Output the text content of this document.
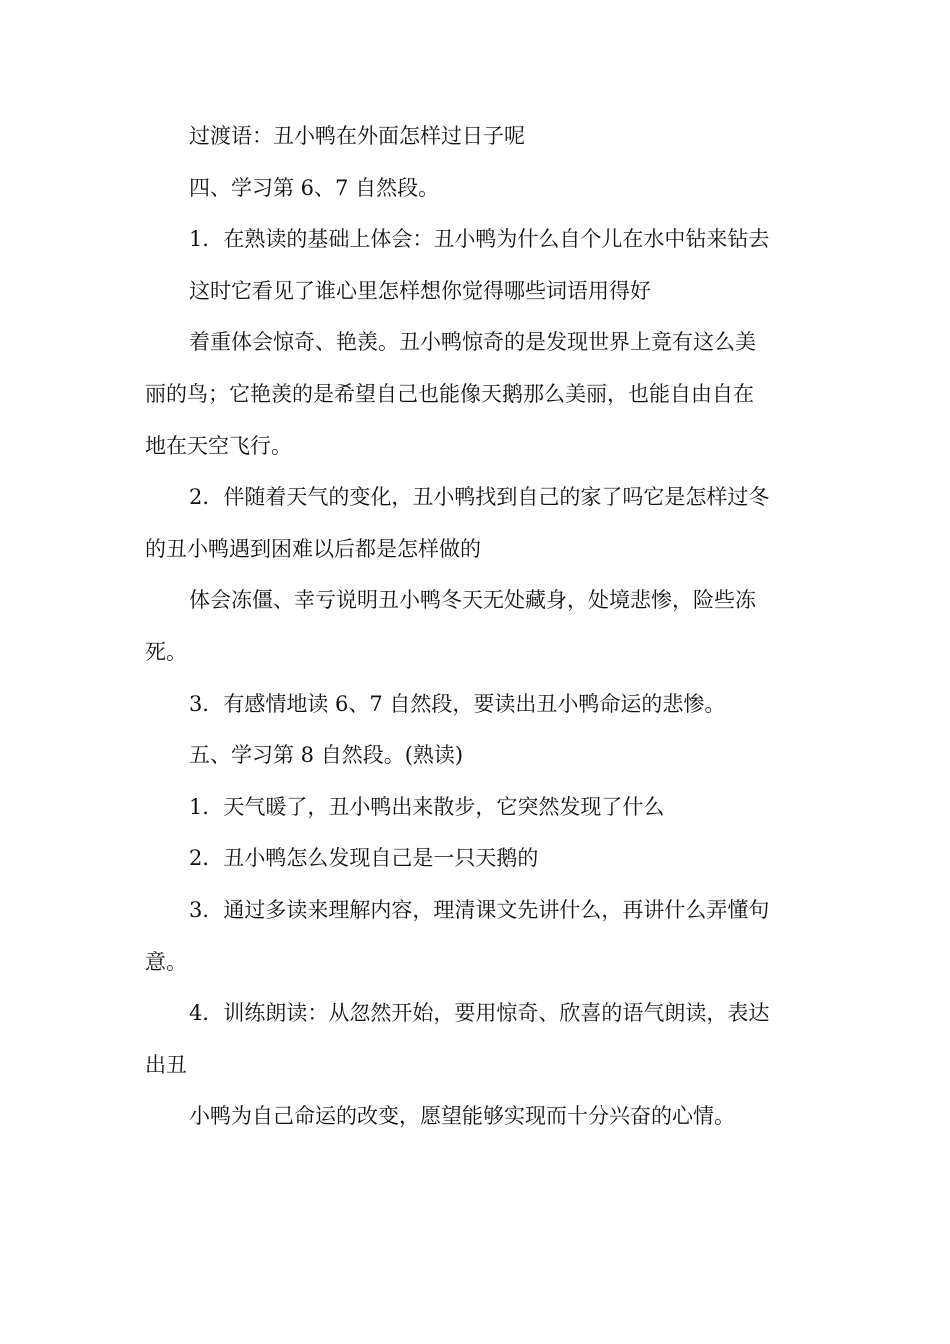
过渡语：丑小鸭在外面怎样过日子呢
四、学习第 6、7 自然段。
1．在熟读的基础上体会：丑小鸭为什么自个儿在水中钻来钻去
这时它看见了谁心里怎样想你觉得哪些词语用得好
着重体会惊奇、艳羡。丑小鸭惊奇的是发现世界上竟有这么美
丽的鸟；它艳羡的是希望自己也能像天鹅那么美丽，也能自由自在
地在天空飞行。
2．伴随着天气的变化，丑小鸭找到自己的家了吗它是怎样过冬
的丑小鸭遇到困难以后都是怎样做的
体会冻僵、幸亏说明丑小鸭冬天无处藏身，处境悲惨，险些冻
死。
3．有感情地读 6、7 自然段，要读出丑小鸭命运的悲惨。
五、学习第 8 自然段。(熟读)
1．天气暖了，丑小鸭出来散步，它突然发现了什么
2．丑小鸭怎么发现自己是一只天鹅的
3．通过多读来理解内容，理清课文先讲什么，再讲什么弄懂句
意。
4．训练朗读：从忽然开始，要用惊奇、欣喜的语气朗读，表达
出丑
小鸭为自己命运的改变，愿望能够实现而十分兴奋的心情。
